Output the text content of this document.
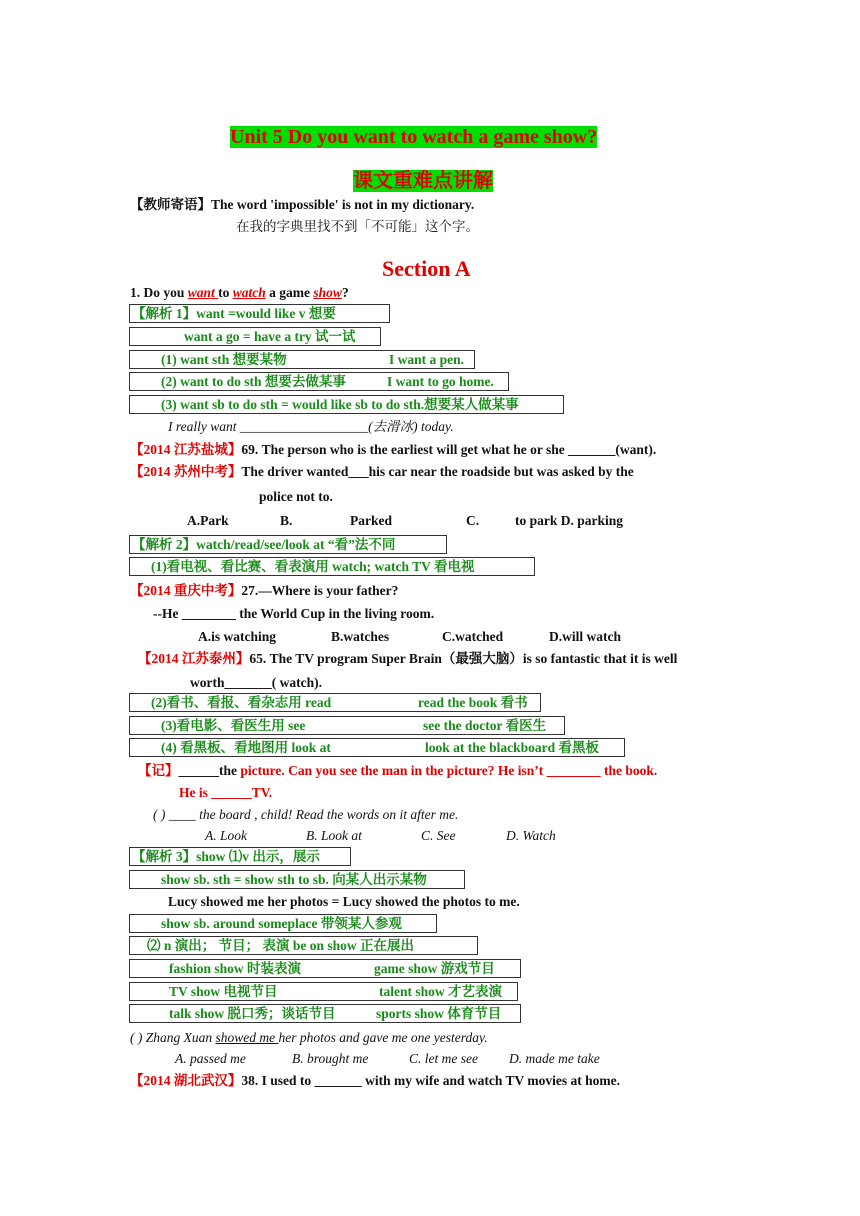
Unit 5 Do you want to watch a game show?
课文重难点讲解
【教师寄语】The word 'impossible' is not in my dictionary.
在我的字典里找不到「不可能」这个字。
Section A
1. Do you want to watch a game show?
【解析 1】want =would like v 想要
want a go = have a try 试一试
(1) want sth 想要某物	I want a pen.
(2) want to do sth 想要去做某事	I want to go home.
(3) want sb to do sth = would like sb to do sth.想要某人做某事
I really want ___________________(去滑冰) today.
【2014 江苏盐城】69. The person who is the earliest will get what he or she _______(want).
【2014 苏州中考】The driver wanted___his car near the roadside but was asked by the
police not to.
A.Park	B.	Parked	C.	to park D. parking
【解析 2】watch/read/see/look at “看”法不同
(1)看电视、看比赛、看表演用 watch; watch TV 看电视
【2014 重庆中考】27.—Where is your father?
--He ________ the World Cup in the living room.
A.is watching	B.watches	C.watched	D.will watch
【2014 江苏泰州】65. The TV program Super Brain（最强大脑）is so fantastic that it is well
worth_______( watch).
(2)看书、看报、看杂志用 read	read the book 看书
(3)看电影、看医生用 see	see the doctor 看医生
(4) 看黑板、看地图用 look at	look at the blackboard 看黑板
【记】______the picture. Can you see the man in the picture? He isn’t ________ the book.
He is ______TV.
( ) ____ the board , child! Read the words on it after me.
A. Look	B. Look at	C. See	D. Watch
【解析 3】show ⑴v 出示，展示
show sb. sth = show sth to sb. 向某人出示某物
Lucy showed me her photos = Lucy showed the photos to me.
show sb. around someplace 带领某人参观
⑵ n 演出； 节目； 表演 be on show 正在展出
fashion show 时装表演	game show 游戏节目
TV show 电视节目	talent show 才艺表演
talk show 脱口秀；谈话节目	sports show 体育节目
( ) Zhang Xuan showed me her photos and gave me one yesterday.
A. passed me	B. brought me	C. let me see D. made me take
【2014 湖北武汉】38. I used to _______ with my wife and watch TV movies at home.
